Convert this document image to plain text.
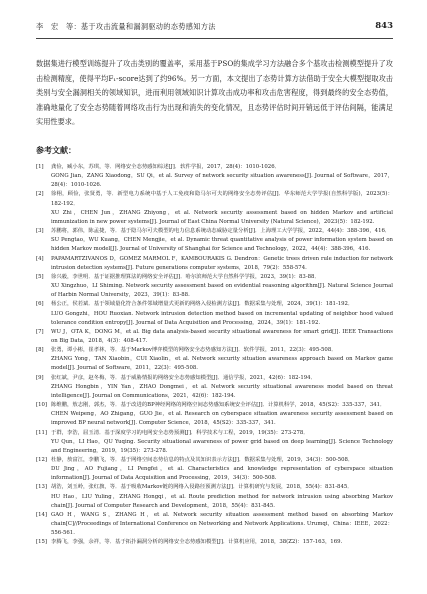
李　宏　等：基于攻击流量和漏洞驱动的态势感知方法	843

数据集进行模型训练提升了攻击类别的覆盖率，采用基于PSO的集成学习方法融合多个基攻击检测模型提升了攻击检测精度，使得平均F₁-score达到了约96%。另一方面，本文提出了态势计算方法借助于安全大模型提取攻击类别与安全漏洞相关的领域知识，进而利用领域知识计算攻击成功率和攻击危害程度，得到最终的安全态势值，准确地量化了安全态势随着网络攻击行为出现和消失的变化情况，且态势评估时间开销远低于评估间隔，能满足实用性要求。

参考文献：
[1] 龚俭，臧小东，苏琪，等．网络安全态势感知综述[J]．软件学报，2017，28(4)：1010-1026．
GONG Jian，ZANG Xiaodong，SU Qi，et al. Survey of network security situation awareness[J]. Journal of Software，2017，28(4)：1010-1026.
[2] 徐栩，顾俭，张贤勇，等．新型电力系统中基于人工免疫和隐马尔可夫的网络安全态势评估[J]．华东师范大学学报(自然科学版)，2023(5)：182-192．
XU Zhi，CHEN Jun，ZHANG Zhiyong，et al. Network security assessment based on hidden Markov and artificial immunization in new power systems[J]. Journal of East China Normal University (Natural Science)，2023(5)：182-192.
[3] 苏鹏将，郭伟，陈孟捷，等．基于隐马尔可夫模型的电力信息系统动态威胁定量分析[J]．上海理工大学学报，2022，44(4)：388-396，416．
SU Pengtao，WU Kuang，CHEN Mengjie，et al. Dynamic threat quantitative analysis of power information system based on hidden Markov model[J]. Journal of University of Shanghai for Science and Technology，2022，44(4)：388-396，416.
[4] PAPAMARTZIVANOS D，GOMEZ MARMOL F，KAMBOURAKIS G. Dendron：Genetic trees driven rule induction for network intrusion detection systems[J]. Future generations computer systems，2018，79(2)：558-574.
[5] 徐兴毅，李世明．基于证据推理算法的网络安全评估[J]．哈尔滨师范大学自然科学学报，2023，39(1)：83-88．
XU Xingzhuo，LI Shiming. Network security assessment based on evidential reasoning algorithm[J]. Natural Science Journal of Harbin Normal University，2023，39(1)：83-88.
[6] 杨公正，侯若斌．基于领域量化符合条件邻域增量式更新的网络入侵检测方法[J]．数据采集与处理，2024，39(1)：181-192．
LUO Gongzhi，HOU Ruoxian. Network intrusion detection method based on incremental updating of neighbor hood valued tolerance condition entropy[J]. Journal of Data Acquisition and Processing，2024，39(1)：181-192.
[7] WU J，OTA K，DONG M，et al. Big data analysis-based security situational awareness for smart grid[J]. IEEE Transactions on Big Data，2018，4(3)：408-417.
[8] 张勇，谭小彬，崔孝林，等．基于Markov博弈模型的网络安全态势感知方法[J]．软件学报，2011，22(3)：495-508．
ZHANG Yong，TAN Xiaobin，CUI Xiaolin，et al. Network security situation awareness approach based on Markov game model[J]. Journal of Software，2011，22(3)：495-508.
[9] 张红斌，尹彦，赵冬梅，等．基于威胁情报的网络安全态势感知模型[J]．通信学报，2021，42(6)：182-194．
ZHANG Hongbin，YIN Yan，ZHAO Dongmei，et al. Network security situational awareness model based on threat intelligence[J]. Journal on Communications，2021，42(6)：182-194.
[10] 陈维鹏，敖志刚，郭杰，等．基于改进的BP神经网络的网络空间态势感知系统安全评估[J]．计算机科学，2018，45(S2)：335-337，341．
CHEN Weipeng，AO Zhigang，GUO Jie，et al. Research on cyberspace situation awareness security assessment based on improved BP neural network[J]. Computer Science，2018，45(S2)：335-337，341.
[11] 于群，李浩，屈玉清．基于深度学习的电网安全态势预测[J]．科学技术与工程，2019，19(35)：273-278．
YU Qun，LI Hao，QU Yuqing. Security situational awareness of power grid based on deep learning[J]. Science Technology and Engineering，2019，19(35)：273-278.
[12] 杜静，敖富江，李鹏飞，等．基于网络空间态势信息的特点及其知识表示方法[J]．数据采集与处理，2019，34(3)：500-508．
DU Jing，AO Fujiang，LI Pengfei，et al. Characteristics and knowledge representation of cyberspace situation information[J]. Journal of Data Acquisition and Processing，2019，34(3)：500-508.
[13] 胡浩，刘玉岭，张红旗，等．基于吸收Markov链的网络入侵路径预测方法[J]．计算机研究与发展，2018，55(4)：831-845．
HU Hao，LIU Yuling，ZHANG Hongqi，et al. Route prediction method for network intrusion using absorbing Markov chain[J]. Journal of Computer Research and Development，2018，55(4)：831-845.
[14] GAO H，WANG S，ZHANG H，et al. Network security situation assessment method based on absorbing Markov chain[C]//Proceedings of International Conference on Networking and Network Applications. Urumqi，China：IEEE，2022：556-561.
[15] 李腾飞，李强，余祥，等．基于拓扑漏洞分析的网络安全态势感知模型[J]．计算机应用，2018，38(Z2)：157-163，169.
